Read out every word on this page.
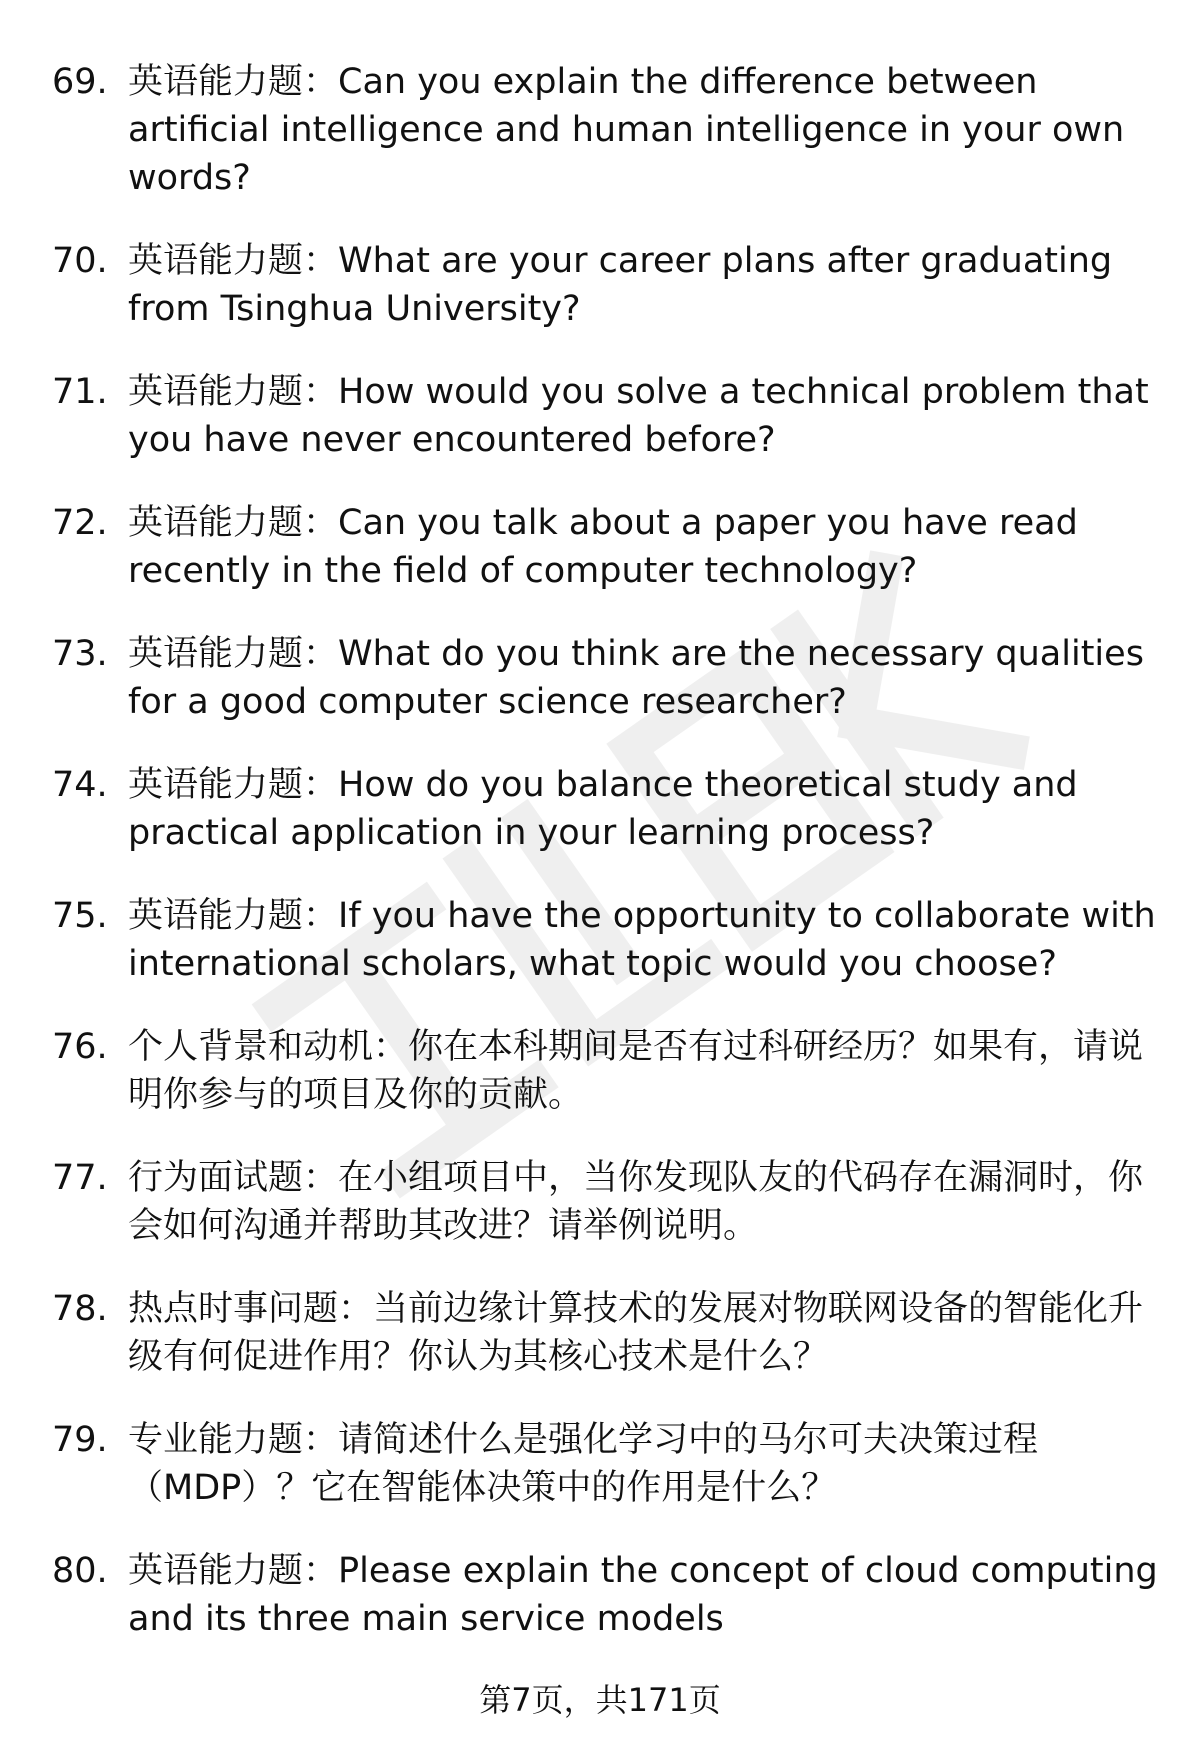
69. 英语能力题：Can you explain the difference between artificial intelligence and human intelligence in your own words?
70. 英语能力题：What are your career plans after graduating from Tsinghua University?
71. 英语能力题：How would you solve a technical problem that you have never encountered before?
72. 英语能力题：Can you talk about a paper you have read recently in the field of computer technology?
73. 英语能力题：What do you think are the necessary qualities for a good computer science researcher?
74. 英语能力题：How do you balance theoretical study and practical application in your learning process?
75. 英语能力题：If you have the opportunity to collaborate with international scholars, what topic would you choose?
76. 个人背景和动机：你在本科期间是否有过科研经历？如果有，请说明你参与的项目及你的贡献。
77. 行为面试题：在小组项目中，当你发现队友的代码存在漏洞时，你会如何沟通并帮助其改进？请举例说明。
78. 热点时事问题：当前边缘计算技术的发展对物联网设备的智能化升级有何促进作用？你认为其核心技术是什么？
79. 专业能力题：请简述什么是强化学习中的马尔可夫决策过程（MDP）？它在智能体决策中的作用是什么？
80. 英语能力题：Please explain the concept of cloud computing and its three main service models
第7页，共171页
